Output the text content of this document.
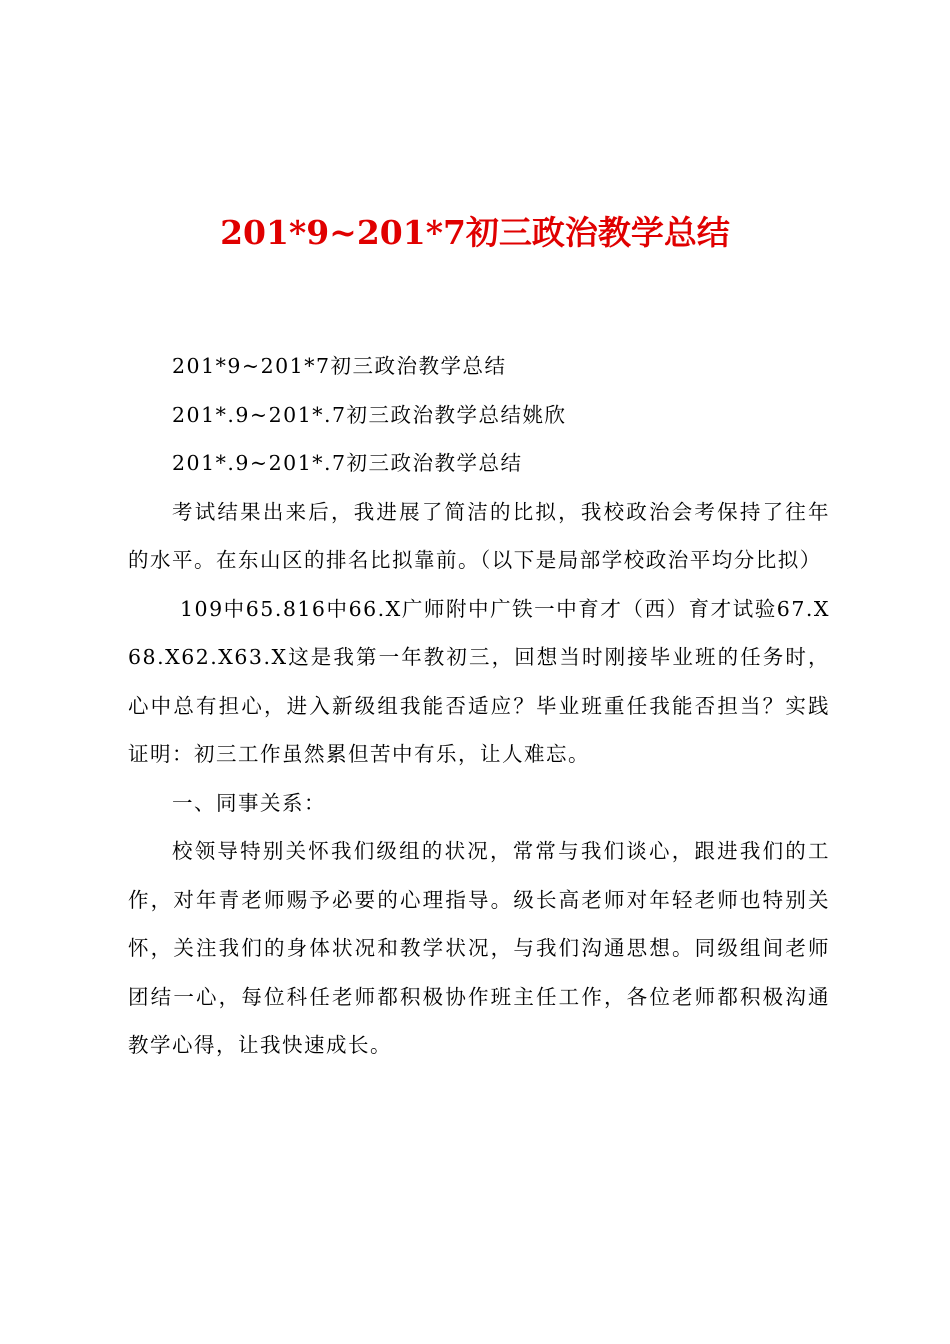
201*9~201*7初三政治教学总结

201*9~201*7初三政治教学总结

201*.9~201*.7初三政治教学总结姚欣

201*.9~201*.7初三政治教学总结

考试结果出来后，我进展了简洁的比拟，我校政治会考保持了往年的水平。在东山区的排名比拟靠前。（以下是局部学校政治平均分比拟）

109中65.816中66.X广师附中广铁一中育才（西）育才试验67.X68.X62.X63.X这是我第一年教初三，回想当时刚接毕业班的任务时，心中总有担心，进入新级组我能否适应？毕业班重任我能否担当？实践证明：初三工作虽然累但苦中有乐，让人难忘。

一、同事关系：

校领导特别关怀我们级组的状况，常常与我们谈心，跟进我们的工作，对年青老师赐予必要的心理指导。级长高老师对年轻老师也特别关怀，关注我们的身体状况和教学状况，与我们沟通思想。同级组间老师团结一心，每位科任老师都积极协作班主任工作，各位老师都积极沟通教学心得，让我快速成长。
